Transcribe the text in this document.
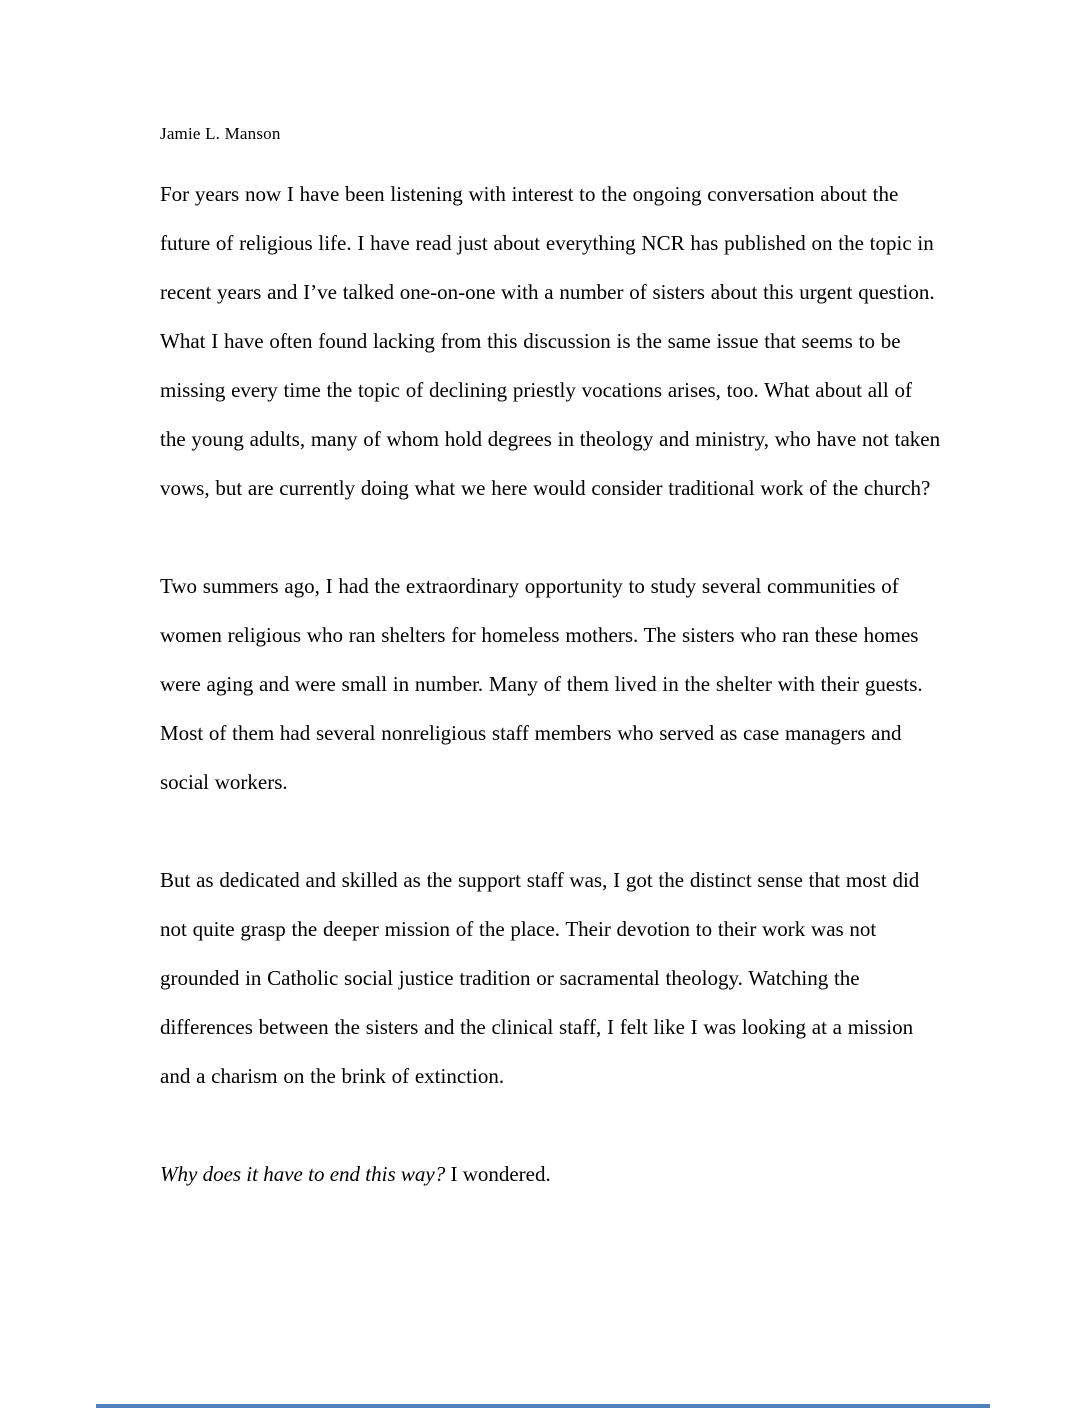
Jamie L. Manson

For years now I have been listening with interest to the ongoing conversation about the future of religious life. I have read just about everything NCR has published on the topic in recent years and I’ve talked one-on-one with a number of sisters about this urgent question. What I have often found lacking from this discussion is the same issue that seems to be missing every time the topic of declining priestly vocations arises, too. What about all of the young adults, many of whom hold degrees in theology and ministry, who have not taken vows, but are currently doing what we here would consider traditional work of the church?

Two summers ago, I had the extraordinary opportunity to study several communities of women religious who ran shelters for homeless mothers. The sisters who ran these homes were aging and were small in number. Many of them lived in the shelter with their guests. Most of them had several nonreligious staff members who served as case managers and social workers.

But as dedicated and skilled as the support staff was, I got the distinct sense that most did not quite grasp the deeper mission of the place. Their devotion to their work was not grounded in Catholic social justice tradition or sacramental theology. Watching the differences between the sisters and the clinical staff, I felt like I was looking at a mission and a charism on the brink of extinction.

Why does it have to end this way? I wondered.
